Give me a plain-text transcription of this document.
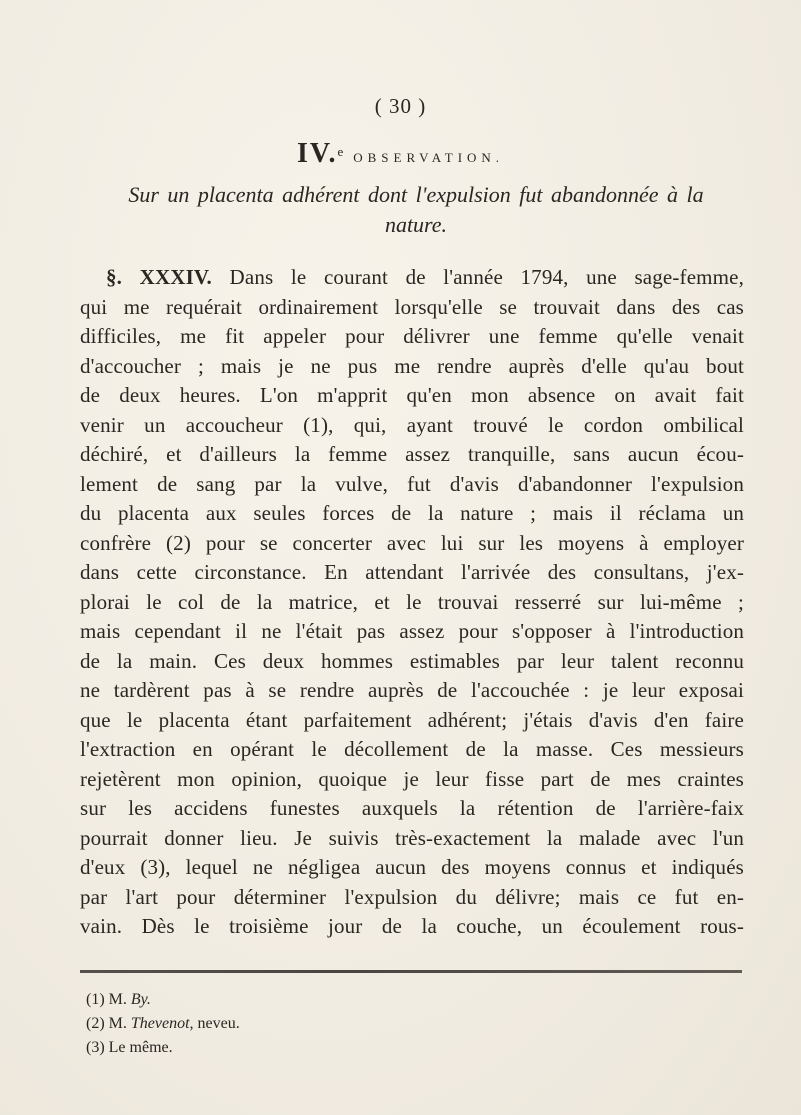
( 30 )
IV.$^e$ OBSERVATION.
Sur un placenta adhérent dont l'expulsion fut abandonnée à la
nature.
§. XXXIV. Dans le courant de l'année 1794, une sage-femme,
qui me requérait ordinairement lorsqu'elle se trouvait dans des cas
difficiles, me fit appeler pour délivrer une femme qu'elle venait
d'accoucher ; mais je ne pus me rendre auprès d'elle qu'au bout
de deux heures. L'on m'apprit qu'en mon absence on avait fait
venir un accoucheur (1), qui, ayant trouvé le cordon ombilical
déchiré, et d'ailleurs la femme assez tranquille, sans aucun écou-
lement de sang par la vulve, fut d'avis d'abandonner l'expulsion
du placenta aux seules forces de la nature ; mais il réclama un
confrère (2) pour se concerter avec lui sur les moyens à employer
dans cette circonstance. En attendant l'arrivée des consultans, j'ex-
plorai le col de la matrice, et le trouvai resserré sur lui-même ;
mais cependant il ne l'était pas assez pour s'opposer à l'introduction
de la main. Ces deux hommes estimables par leur talent reconnu
ne tardèrent pas à se rendre auprès de l'accouchée : je leur exposai
que le placenta étant parfaitement adhérent; j'étais d'avis d'en faire
l'extraction en opérant le décollement de la masse. Ces messieurs
rejetèrent mon opinion, quoique je leur fisse part de mes craintes
sur les accidens funestes auxquels la rétention de l'arrière-faix
pourrait donner lieu. Je suivis très-exactement la malade avec l'un
d'eux (3), lequel ne négligea aucun des moyens connus et indiqués
par l'art pour déterminer l'expulsion du délivre; mais ce fut en-
vain. Dès le troisième jour de la couche, un écoulement rous-
(1) M. By.
(2) M. Thevenot, neveu.
(3) Le même.
